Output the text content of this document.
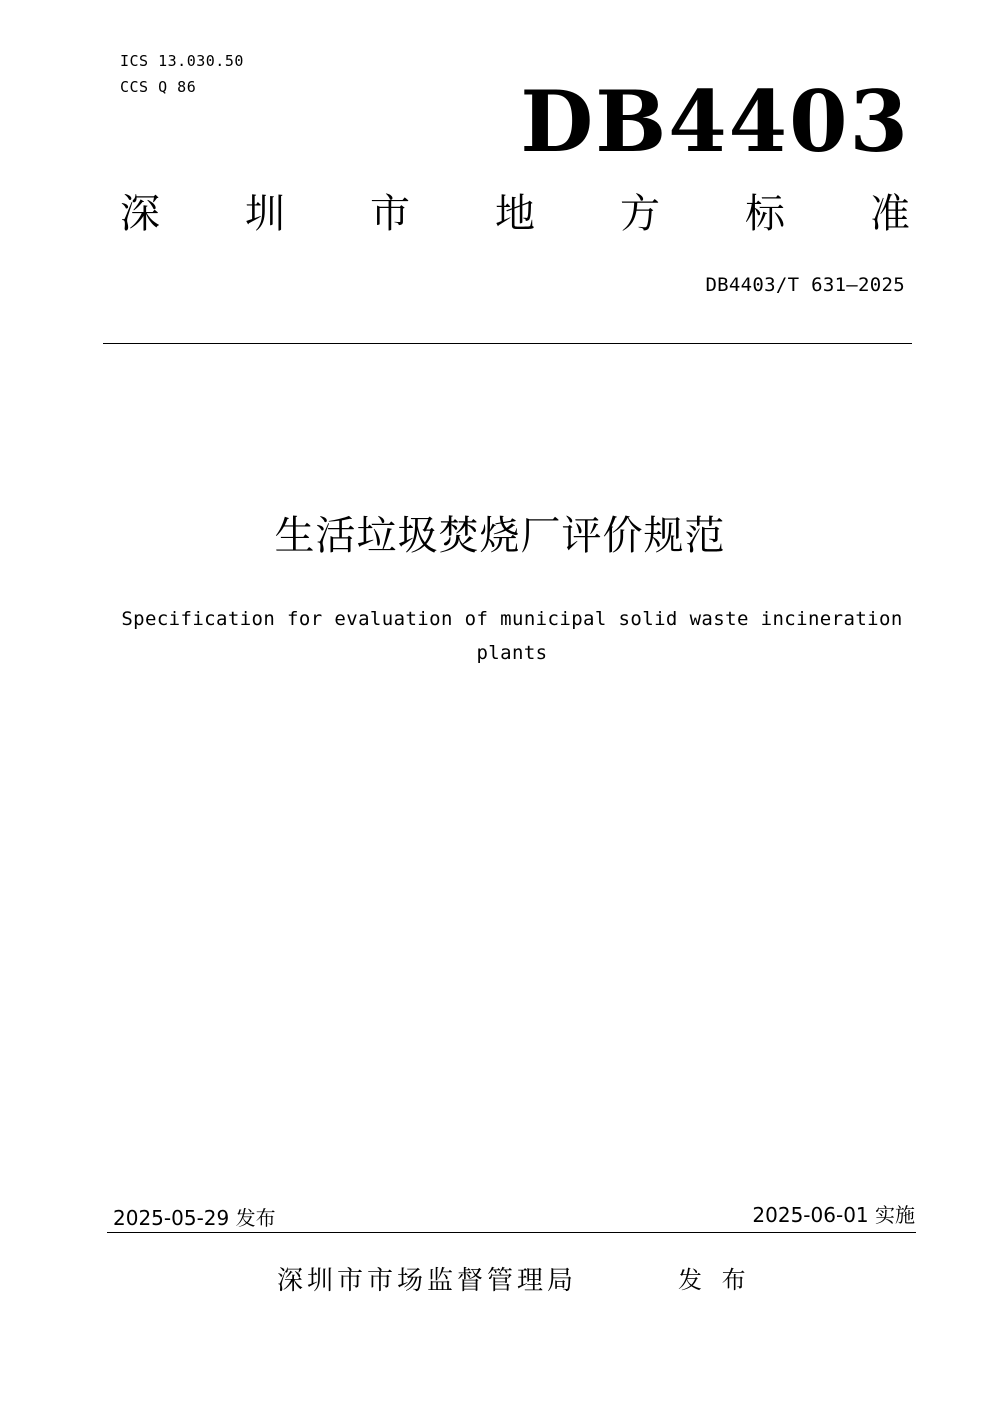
ICS 13.030.50
CCS Q 86	DB4403
深 圳 市 地 方 标 准
DB4403/T 631—2025
生活垃圾焚烧厂评价规范
Specification for evaluation of municipal solid waste incineration plants
2025-05-29 发布	2025-06-01 实施
深圳市市场监督管理局	发 布
